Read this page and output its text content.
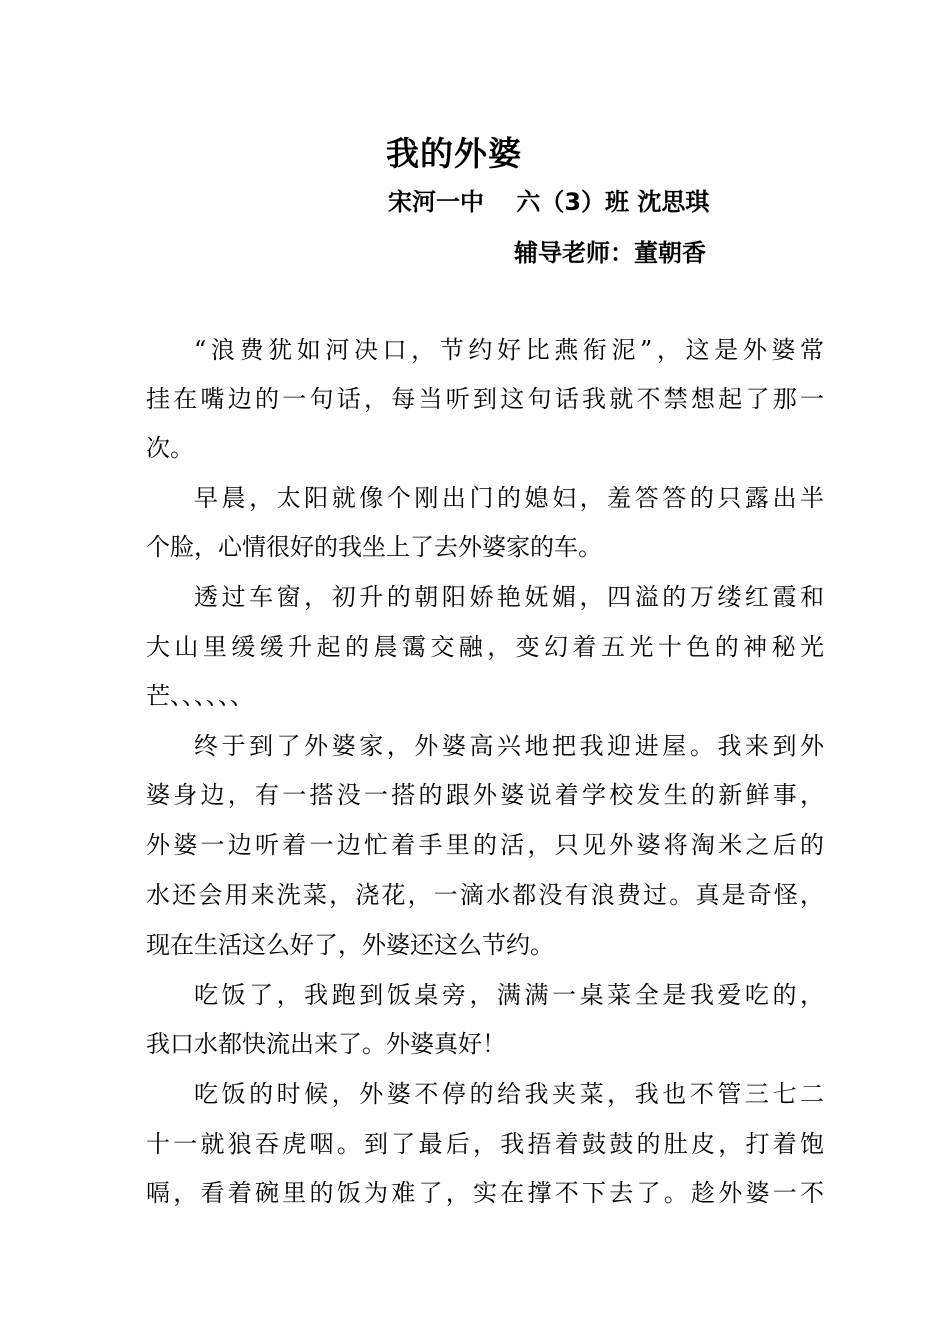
我的外婆
宋河一中　 六（3）班 沈思琪
辅导老师：董朝香
“浪费犹如河决口，节约好比燕衔泥”，这是外婆常
挂在嘴边的一句话，每当听到这句话我就不禁想起了那一
次。
早晨，太阳就像个刚出门的媳妇，羞答答的只露出半
个脸，心情很好的我坐上了去外婆家的车。
透过车窗，初升的朝阳娇艳妩媚，四溢的万缕红霞和
大山里缓缓升起的晨霭交融，变幻着五光十色的神秘光
芒、、、、、、
终于到了外婆家，外婆高兴地把我迎进屋。我来到外
婆身边，有一搭没一搭的跟外婆说着学校发生的新鲜事，
外婆一边听着一边忙着手里的活，只见外婆将淘米之后的
水还会用来洗菜，浇花，一滴水都没有浪费过。真是奇怪，
现在生活这么好了，外婆还这么节约。
吃饭了，我跑到饭桌旁，满满一桌菜全是我爱吃的，
我口水都快流出来了。外婆真好！
吃饭的时候，外婆不停的给我夹菜，我也不管三七二
十一就狼吞虎咽。到了最后，我捂着鼓鼓的肚皮，打着饱
嗝，看着碗里的饭为难了，实在撑不下去了。趁外婆一不
